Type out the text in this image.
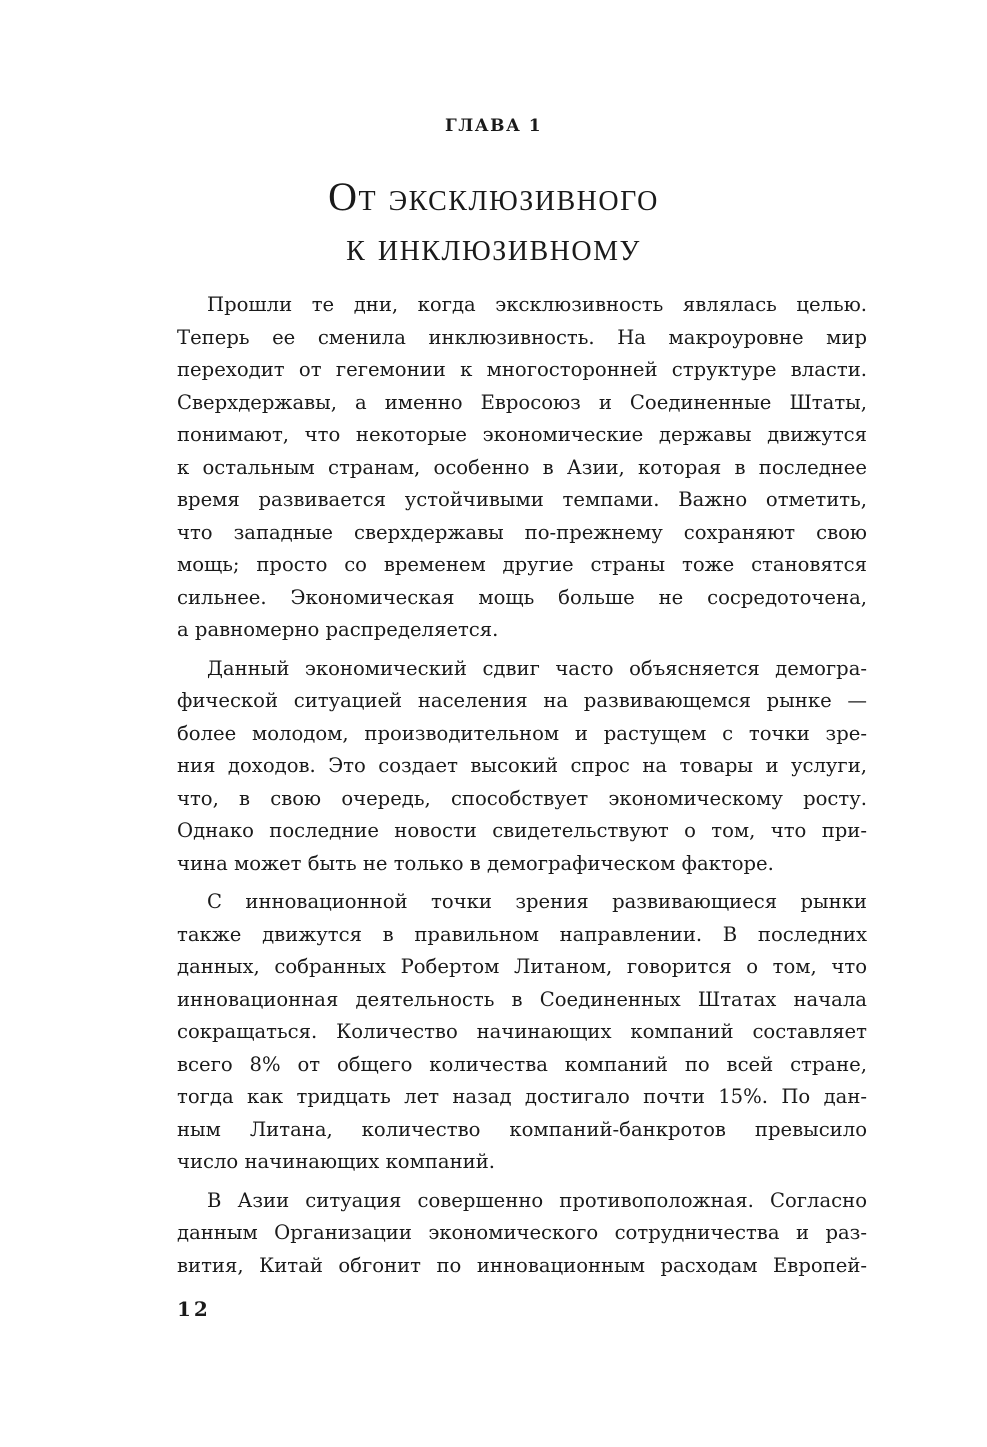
ГЛАВА 1
От эксклюзивного
к инклюзивному
Прошли те дни, когда эксклюзивность являлась целью.
Теперь ее сменила инклюзивность. На макроуровне мир
переходит от гегемонии к многосторонней структуре власти.
Сверхдержавы, а именно Евросоюз и Соединенные Штаты,
понимают, что некоторые экономические державы движутся
к остальным странам, особенно в Азии, которая в последнее
время развивается устойчивыми темпами. Важно отметить,
что западные сверхдержавы по-прежнему сохраняют свою
мощь; просто со временем другие страны тоже становятся
сильнее. Экономическая мощь больше не сосредоточена,
а равномерно распределяется.
Данный экономический сдвиг часто объясняется демогра-
фической ситуацией населения на развивающемся рынке —
более молодом, производительном и растущем с точки зре-
ния доходов. Это создает высокий спрос на товары и услуги,
что, в свою очередь, способствует экономическому росту.
Однако последние новости свидетельствуют о том, что при-
чина может быть не только в демографическом факторе.
С инновационной точки зрения развивающиеся рынки
также движутся в правильном направлении. В последних
данных, собранных Робертом Литаном, говорится о том, что
инновационная деятельность в Соединенных Штатах начала
сокращаться. Количество начинающих компаний составляет
всего 8% от общего количества компаний по всей стране,
тогда как тридцать лет назад достигало почти 15%. По дан-
ным Литана, количество компаний-банкротов превысило
число начинающих компаний.
В Азии ситуация совершенно противоположная. Согласно
данным Организации экономического сотрудничества и раз-
вития, Китай обгонит по инновационным расходам Европей-
12
